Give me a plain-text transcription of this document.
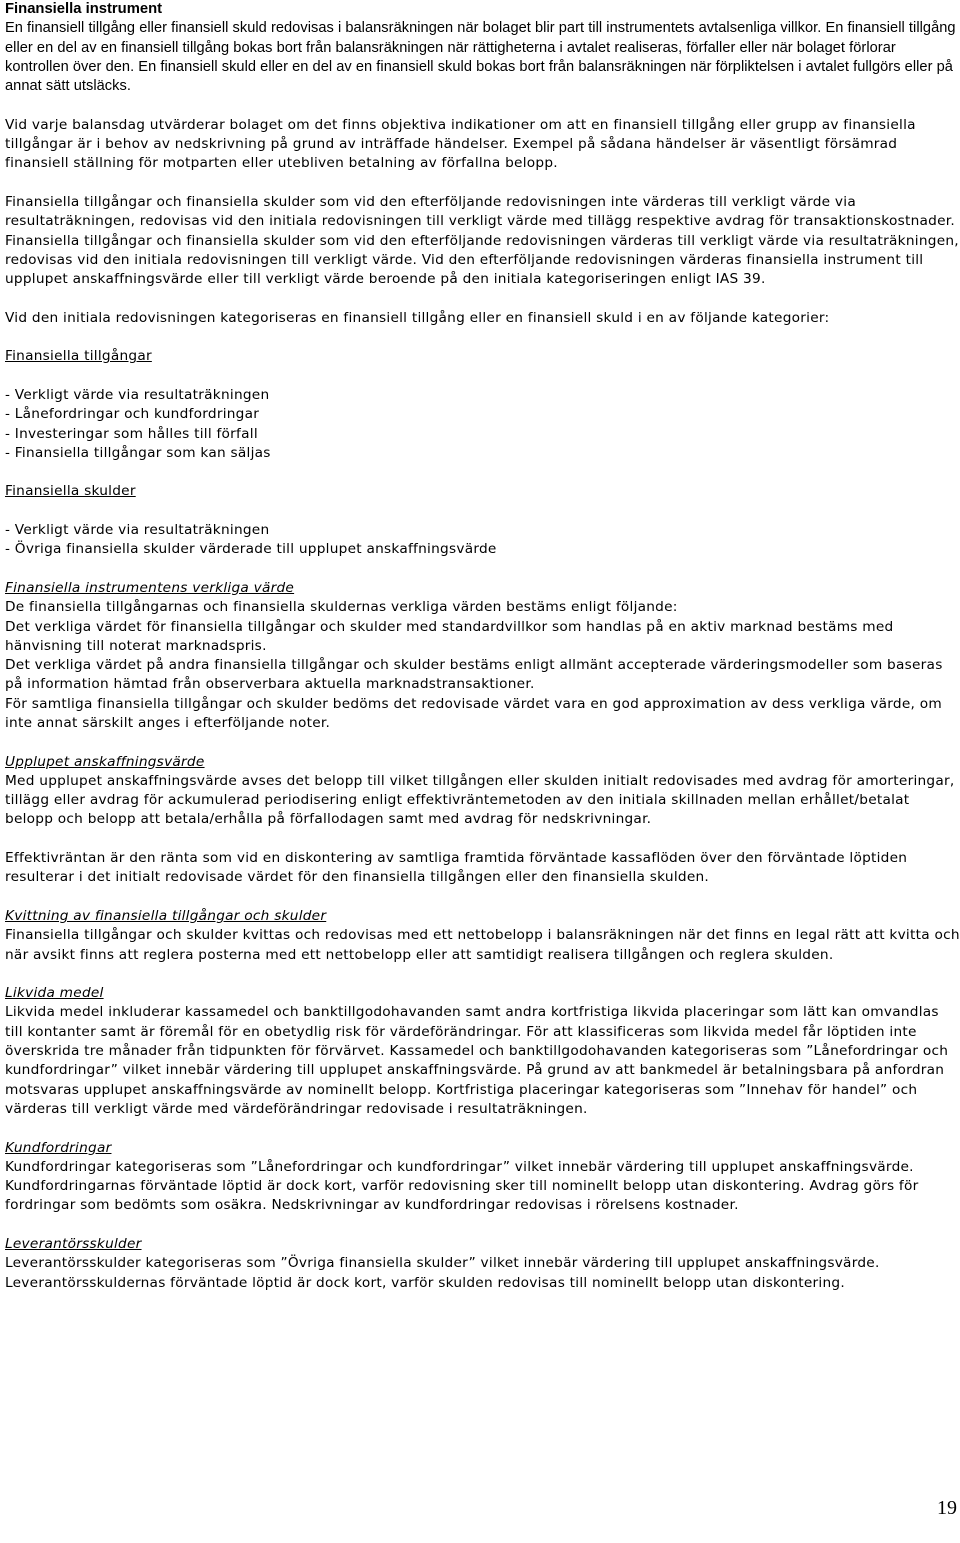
Finansiella instrument

En finansiell tillgång eller finansiell skuld redovisas i balansräkningen när bolaget blir part till instrumentets avtalsenliga villkor. En finansiell tillgång eller en del av en finansiell tillgång bokas bort från balansräkningen när rättigheterna i avtalet realiseras, förfaller eller när bolaget förlorar kontrollen över den. En finansiell skuld eller en del av en finansiell skuld bokas bort från balansräkningen när förpliktelsen i avtalet fullgörs eller på annat sätt utsläcks.

Vid varje balansdag utvärderar bolaget om det finns objektiva indikationer om att en finansiell tillgång eller grupp av finansiella tillgångar är i behov av nedskrivning på grund av inträffade händelser. Exempel på sådana händelser är väsentligt försämrad finansiell ställning för motparten eller utebliven betalning av förfallna belopp.

Finansiella tillgångar och finansiella skulder som vid den efterföljande redovisningen inte värderas till verkligt värde via resultaträkningen, redovisas vid den initiala redovisningen till verkligt värde med tillägg respektive avdrag för transaktionskostnader. Finansiella tillgångar och finansiella skulder som vid den efterföljande redovisningen värderas till verkligt värde via resultaträkningen, redovisas vid den initiala redovisningen till verkligt värde. Vid den efterföljande redovisningen värderas finansiella instrument till upplupet anskaffningsvärde eller till verkligt värde beroende på den initiala kategoriseringen enligt IAS 39.

Vid den initiala redovisningen kategoriseras en finansiell tillgång eller en finansiell skuld i en av följande kategorier:

Finansiella tillgångar

- Verkligt värde via resultaträkningen

- Lånefordringar och kundfordringar

- Investeringar som hålles till förfall

- Finansiella tillgångar som kan säljas

Finansiella skulder

- Verkligt värde via resultaträkningen

- Övriga finansiella skulder värderade till upplupet anskaffningsvärde

Finansiella instrumentens verkliga värde

De finansiella tillgångarnas och finansiella skuldernas verkliga värden bestäms enligt följande:

Det verkliga värdet för finansiella tillgångar och skulder med standardvillkor som handlas på en aktiv marknad bestäms med hänvisning till noterat marknadspris.

Det verkliga värdet på andra finansiella tillgångar och skulder bestäms enligt allmänt accepterade värderingsmodeller som baseras på information hämtad från observerbara aktuella marknadstransaktioner.

För samtliga finansiella tillgångar och skulder bedöms det redovisade värdet vara en god approximation av dess verkliga värde, om inte annat särskilt anges i efterföljande noter.

Upplupet anskaffningsvärde

Med upplupet anskaffningsvärde avses det belopp till vilket tillgången eller skulden initialt redovisades med avdrag för amorteringar, tillägg eller avdrag för ackumulerad periodisering enligt effektivräntemetoden av den initiala skillnaden mellan erhållet/betalat belopp och belopp att betala/erhålla på förfallodagen samt med avdrag för nedskrivningar.

Effektivräntan är den ränta som vid en diskontering av samtliga framtida förväntade kassaflöden över den förväntade löptiden resulterar i det initialt redovisade värdet för den finansiella tillgången eller den finansiella skulden.

Kvittning av finansiella tillgångar och skulder

Finansiella tillgångar och skulder kvittas och redovisas med ett nettobelopp i balansräkningen när det finns en legal rätt att kvitta och när avsikt finns att reglera posterna med ett nettobelopp eller att samtidigt realisera tillgången och reglera skulden.

Likvida medel

Likvida medel inkluderar kassamedel och banktillgodohavanden samt andra kortfristiga likvida placeringar som lätt kan omvandlas till kontanter samt är föremål för en obetydlig risk för värdeförändringar. För att klassificeras som likvida medel får löptiden inte överskrida tre månader från tidpunkten för förvärvet. Kassamedel och banktillgodohavanden kategoriseras som ”Lånefordringar och kundfordringar” vilket innebär värdering till upplupet anskaffningsvärde. På grund av att bankmedel är betalningsbara på anfordran motsvaras upplupet anskaffningsvärde av nominellt belopp. Kortfristiga placeringar kategoriseras som ”Innehav för handel” och värderas till verkligt värde med värdeförändringar redovisade i resultaträkningen.

Kundfordringar

Kundfordringar kategoriseras som ”Lånefordringar och kundfordringar” vilket innebär värdering till upplupet anskaffningsvärde. Kundfordringarnas förväntade löptid är dock kort, varför redovisning sker till nominellt belopp utan diskontering. Avdrag görs för fordringar som bedömts som osäkra. Nedskrivningar av kundfordringar redovisas i rörelsens kostnader.

Leverantörsskulder

Leverantörsskulder kategoriseras som ”Övriga finansiella skulder” vilket innebär värdering till upplupet anskaffningsvärde. Leverantörsskuldernas förväntade löptid är dock kort, varför skulden redovisas till nominellt belopp utan diskontering.

19
